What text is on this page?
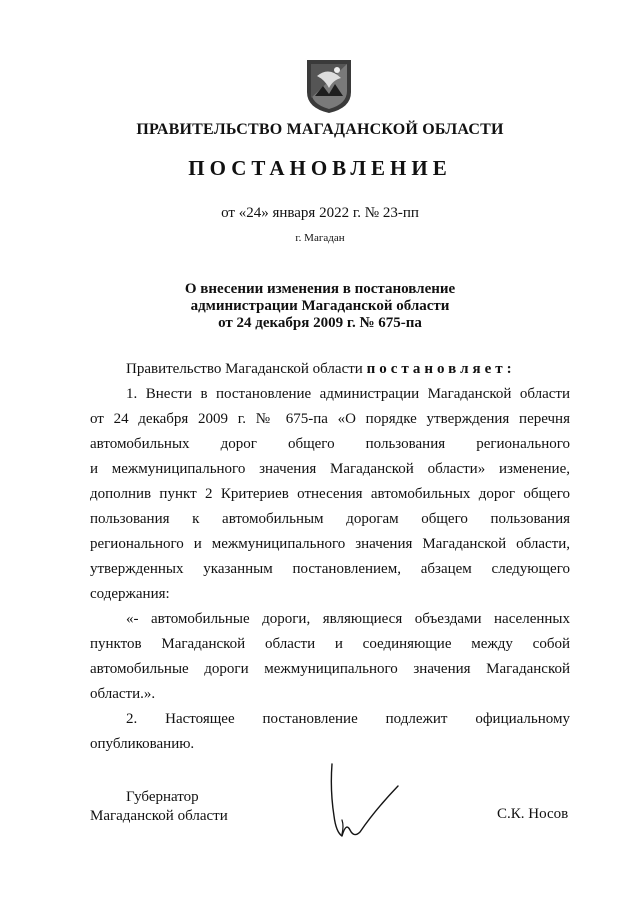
ПРАВИТЕЛЬСТВО МАГАДАНСКОЙ ОБЛАСТИ
ПОСТАНОВЛЕНИЕ
от «24» января 2022 г. № 23-пп
г. Магадан
О внесении изменения в постановление
администрации Магаданской области
от 24 декабря 2009 г. № 675-па
Правительство Магаданской области постановляет:
1. Внести в постановление администрации Магаданской области
от 24 декабря 2009 г. № 675-па «О порядке утверждения перечня
автомобильных дорог общего пользования регионального
и межмуниципального значения Магаданской области» изменение,
дополнив пункт 2 Критериев отнесения автомобильных дорог общего
пользования к автомобильным дорогам общего пользования
регионального и межмуниципального значения Магаданской области,
утвержденных указанным постановлением, абзацем следующего
содержания:
«- автомобильные дороги, являющиеся объездами населенных
пунктов Магаданской области и соединяющие между собой
автомобильные дороги межмуниципального значения Магаданской
области.».
2. Настоящее постановление подлежит официальному
опубликованию.
Губернатор
Магаданской области	С.К. Носов
